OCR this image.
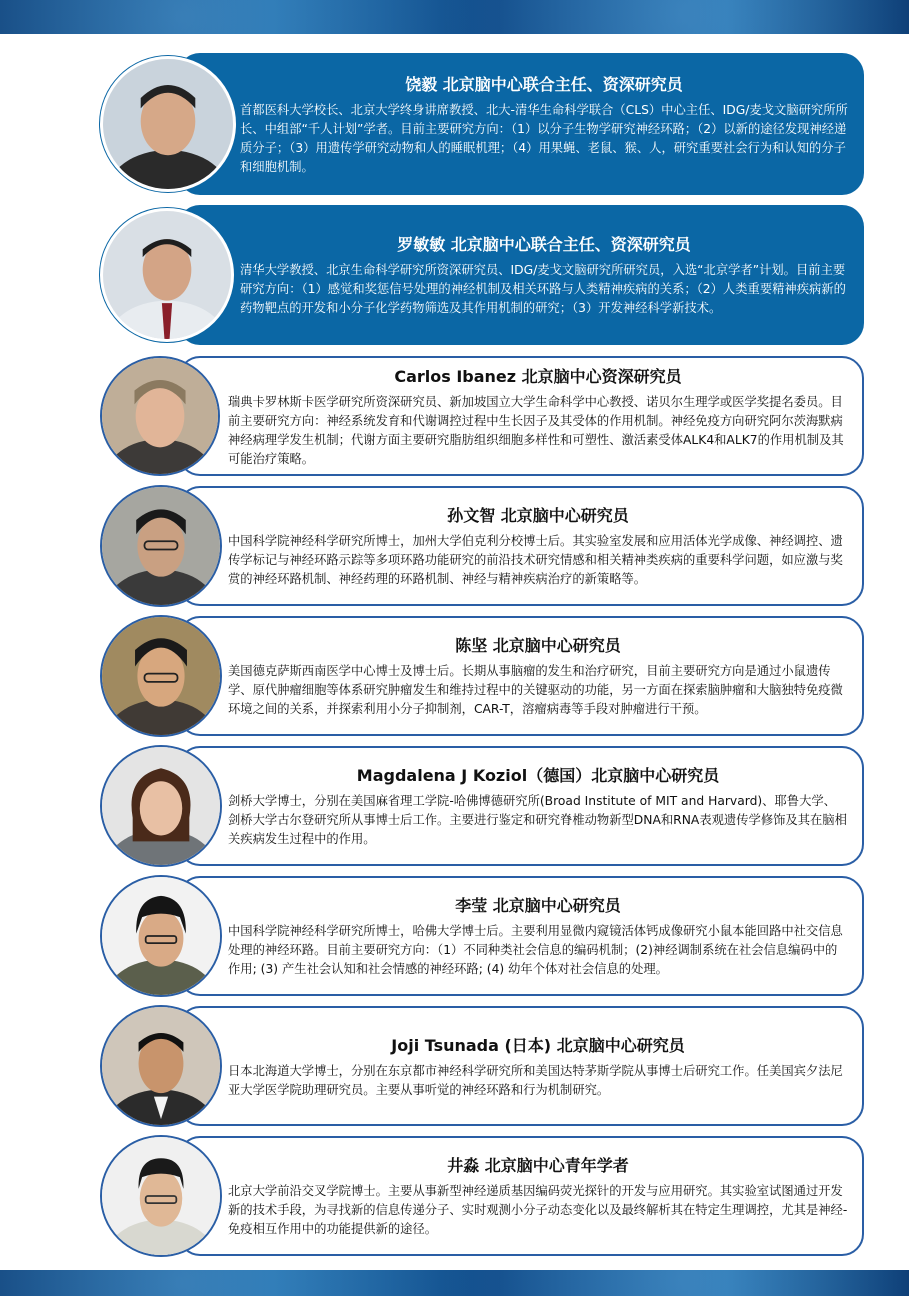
饶毅 北京脑中心联合主任、资深研究员
首都医科大学校长、北京大学终身讲席教授、北大-清华生命科学联合（CLS）中心主任、IDG/麦戈文脑研究所所长、中组部“千人计划”学者。目前主要研究方向：（1）以分子生物学研究神经环路；（2）以新的途径发现神经递质分子；（3）用遗传学研究动物和人的睡眠机理；（4）用果蝇、老鼠、猴、人，研究重要社会行为和认知的分子和细胞机制。
罗敏敏 北京脑中心联合主任、资深研究员
清华大学教授、北京生命科学研究所资深研究员、IDG/麦戈文脑研究所研究员，入选“北京学者”计划。目前主要研究方向：（1）感觉和奖惩信号处理的神经机制及相关环路与人类精神疾病的关系；（2）人类重要精神疾病新的药物靶点的开发和小分子化学药物筛选及其作用机制的研究；（3）开发神经科学新技术。
Carlos Ibanez 北京脑中心资深研究员
瑞典卡罗林斯卡医学研究所资深研究员、新加坡国立大学生命科学中心教授、诺贝尔生理学或医学奖提名委员。目前主要研究方向：神经系统发育和代谢调控过程中生长因子及其受体的作用机制。神经免疫方向研究阿尔茨海默病神经病理学发生机制；代谢方面主要研究脂肪组织细胞多样性和可塑性、激活素受体ALK4和ALK7的作用机制及其可能治疗策略。
孙文智 北京脑中心研究员
中国科学院神经科学研究所博士，加州大学伯克利分校博士后。其实验室发展和应用活体光学成像、神经调控、遗传学标记与神经环路示踪等多项环路功能研究的前沿技术研究情感和相关精神类疾病的重要科学问题，如应激与奖赏的神经环路机制、神经药理的环路机制、神经与精神疾病治疗的新策略等。
陈坚 北京脑中心研究员
美国德克萨斯西南医学中心博士及博士后。长期从事脑瘤的发生和治疗研究，目前主要研究方向是通过小鼠遗传学、原代肿瘤细胞等体系研究肿瘤发生和维持过程中的关键驱动的功能，另一方面在探索脑肿瘤和大脑独特免疫微环境之间的关系，并探索利用小分子抑制剂，CAR-T，溶瘤病毒等手段对肿瘤进行干预。
Magdalena J Koziol（德国）北京脑中心研究员
剑桥大学博士，分别在美国麻省理工学院-哈佛博德研究所(Broad Institute of MIT and Harvard)、耶鲁大学、剑桥大学古尔登研究所从事博士后工作。主要进行鉴定和研究脊椎动物新型DNA和RNA表观遗传学修饰及其在脑相关疾病发生过程中的作用。
李莹 北京脑中心研究员
中国科学院神经科学研究所博士，哈佛大学博士后。主要利用显微内窥镜活体钙成像研究小鼠本能回路中社交信息处理的神经环路。目前主要研究方向：（1）不同种类社会信息的编码机制；(2)神经调制系统在社会信息编码中的作用; (3) 产生社会认知和社会情感的神经环路; (4) 幼年个体对社会信息的处理。
Joji Tsunada (日本) 北京脑中心研究员
日本北海道大学博士，分别在东京都市神经科学研究所和美国达特茅斯学院从事博士后研究工作。任美国宾夕法尼亚大学医学院助理研究员。主要从事听觉的神经环路和行为机制研究。
井淼 北京脑中心青年学者
北京大学前沿交叉学院博士。主要从事新型神经递质基因编码荧光探针的开发与应用研究。其实验室试图通过开发新的技术手段，为寻找新的信息传递分子、实时观测小分子动态变化以及最终解析其在特定生理调控，尤其是神经-免疫相互作用中的功能提供新的途径。
